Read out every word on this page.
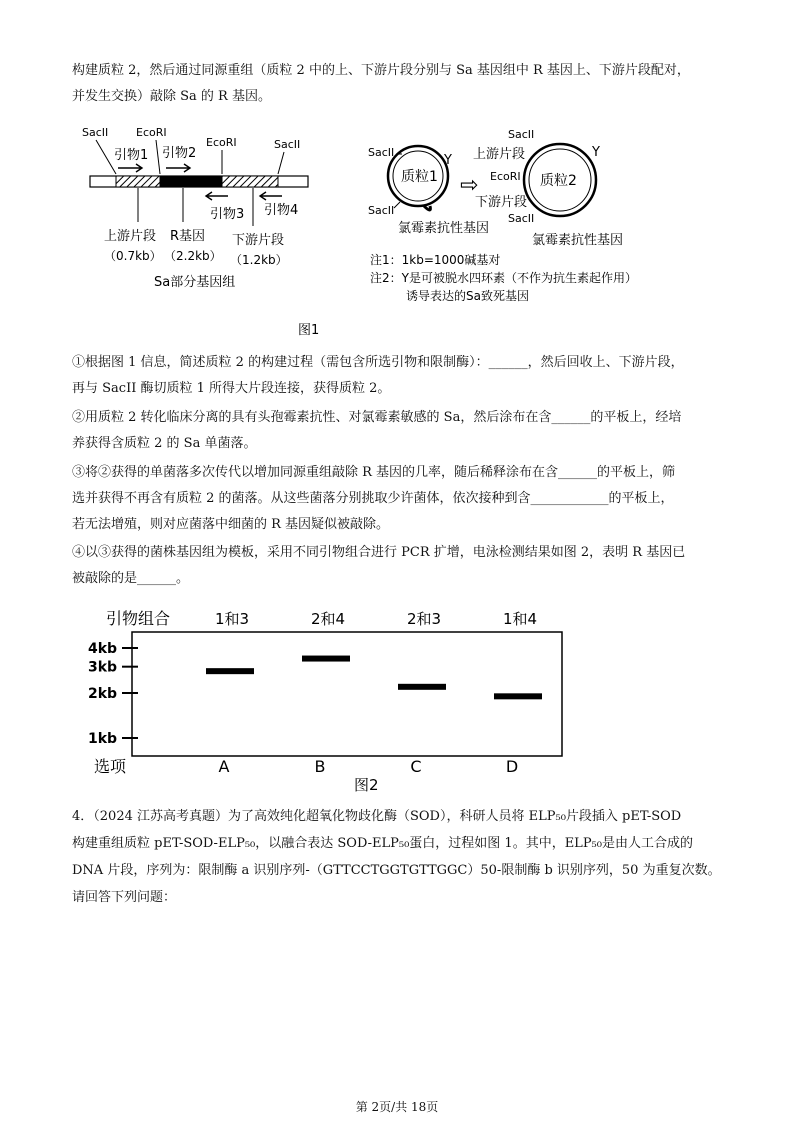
构建质粒 2，然后通过同源重组（质粒 2 中的上、下游片段分别与 Sa 基因组中 R 基因上、下游片段配对，

并发生交换）敲除 Sa 的 R 基因。

SacII	EcoRI
EcoRI	SacII
引物1 引物2
引物3 引物4
上游片段
（0.7kb）
R基因
（2.2kb）
下游片段
（1.2kb）
Sa部分基因组
质粒1
SacII
SacII
Y
氯霉素抗性基因
⇨	质粒2
SacII
上游片段
EcoRI
下游片段
SacII
Y
氯霉素抗性基因
注1：1kb=1000碱基对
注2：Y是可被脱水四环素（不作为抗生素起作用）
诱导表达的Sa致死基因
图1

①根据图 1 信息，简述质粒 2 的构建过程（需包含所选引物和限制酶）：______，然后回收上、下游片段，

再与 SacII 酶切质粒 1 所得大片段连接，获得质粒 2。

②用质粒 2 转化临床分离的具有头孢霉素抗性、对氯霉素敏感的 Sa，然后涂布在含______的平板上，经培

养获得含质粒 2 的 Sa 单菌落。

③将②获得的单菌落多次传代以增加同源重组敲除 R 基因的几率，随后稀释涂布在含______的平板上，筛

选并获得不再含有质粒 2 的菌落。从这些菌落分别挑取少许菌体，依次接种到含____________的平板上，

若无法增殖，则对应菌落中细菌的 R 基因疑似被敲除。

④以③获得的菌株基因组为模板，采用不同引物组合进行 PCR 扩增，电泳检测结果如图 2，表明 R 基因已

被敲除的是______。

引物组合
选项
4kb
3kb
2kb
1kb
1和3	2和4	2和3	1和4
A	B	C	D
图2

4．（2024 江苏高考真题）为了高效纯化超氧化物歧化酶（SOD），科研人员将 ELP₅₀片段插入 pET-SOD

构建重组质粒 pET-SOD-ELP₅₀，以融合表达 SOD-ELP₅₀蛋白，过程如图 1。其中，ELP₅₀是由人工合成的

DNA 片段，序列为：限制酶 a 识别序列-（GTTCCTGGTGTTGGC）50-限制酶 b 识别序列，50 为重复次数。

请回答下列问题：

第 2页/共 18页
